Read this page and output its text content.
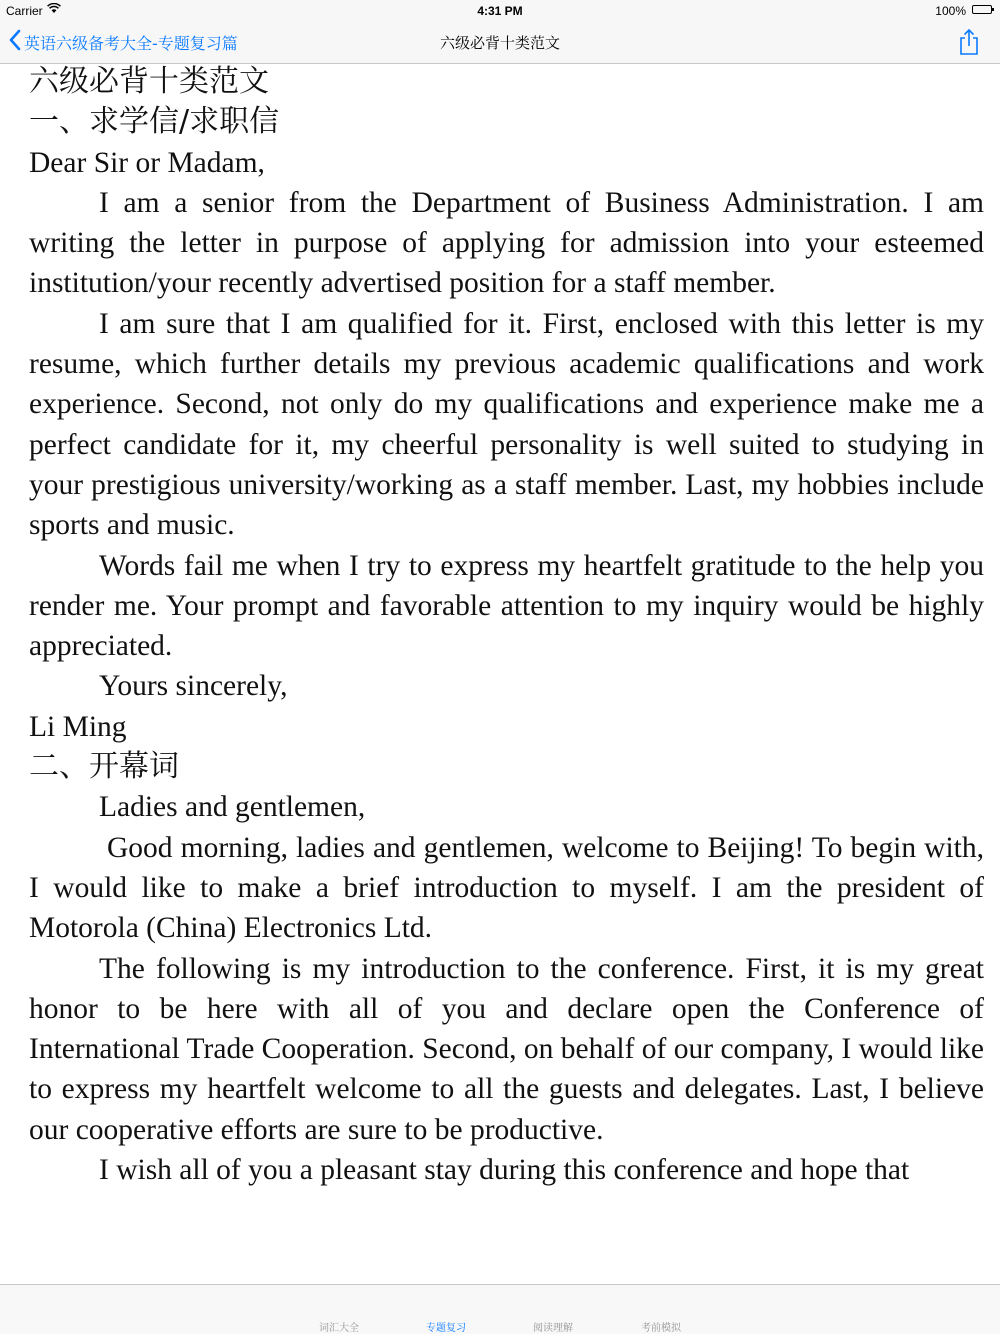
Carrier	4:31 PM	100%
英语六级备考大全-专题复习篇	六级必背十类范文

六级必背十类范文

一、求学信/求职信

Dear Sir or Madam,

I am a senior from the Department of Business Administration. I am writing the letter in purpose of applying for admission into your esteemed institution/your recently advertised position for a staff member.

I am sure that I am qualified for it. First, enclosed with this letter is my resume, which further details my previous academic qualifications and work experience. Second, not only do my qualifications and experience make me a perfect candidate for it, my cheerful personality is well suited to studying in your prestigious university/working as a staff member. Last, my hobbies include sports and music.

Words fail me when I try to express my heartfelt gratitude to the help you render me. Your prompt and favorable attention to my inquiry would be highly appreciated.

Yours sincerely,

Li Ming

二、开幕词

Ladies and gentlemen,

Good morning, ladies and gentlemen, welcome to Beijing! To begin with, I would like to make a brief introduction to myself. I am the president of Motorola (China) Electronics Ltd.

The following is my introduction to the conference. First, it is my great honor to be here with all of you and declare open the Conference of International Trade Cooperation. Second, on behalf of our company, I would like to express my heartfelt welcome to all the guests and delegates. Last, I believe our cooperative efforts are sure to be productive.

I wish all of you a pleasant stay during this conference and hope that

词汇大全	专题复习	阅读理解	考前模拟
